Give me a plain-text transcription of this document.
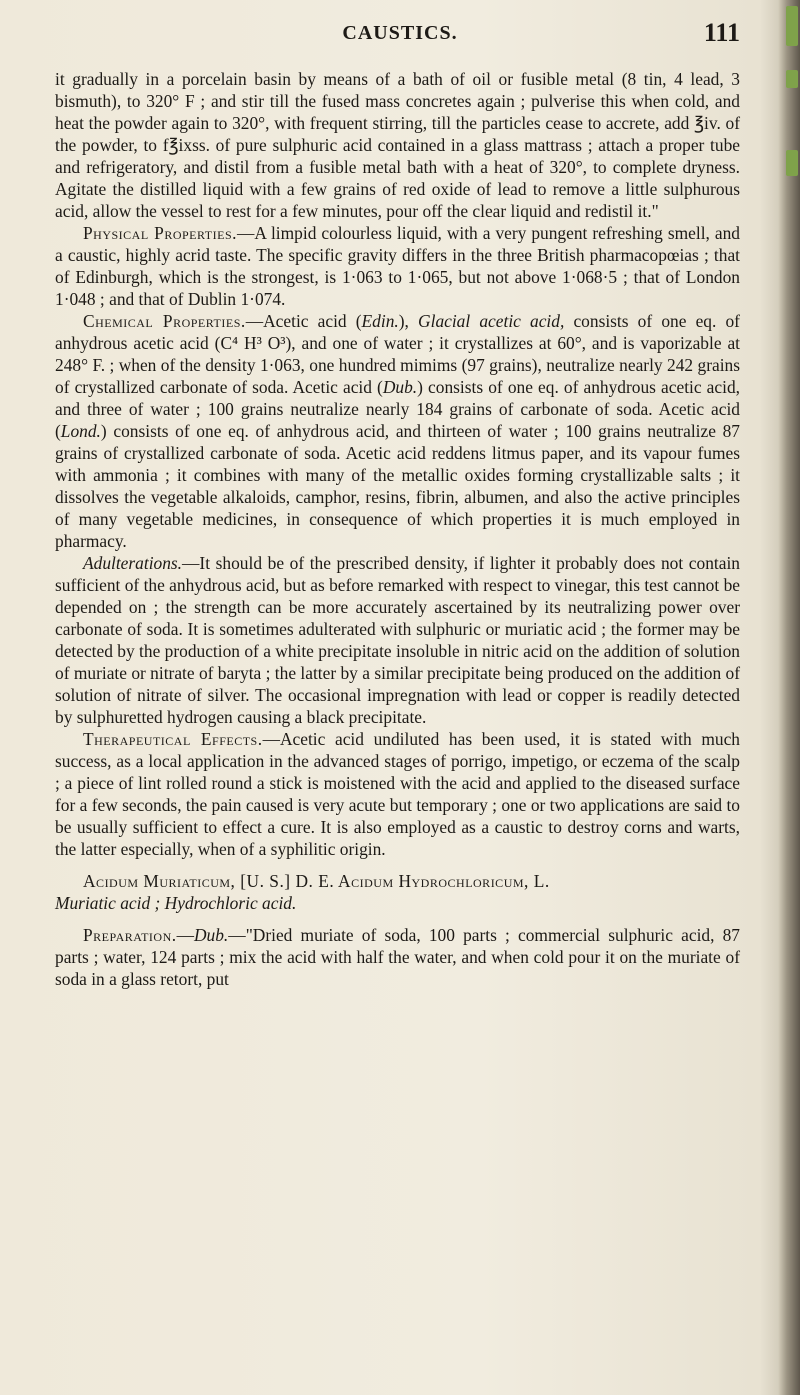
CAUSTICS.	111

it gradually in a porcelain basin by means of a bath of oil or fusible metal (8 tin, 4 lead, 3 bismuth), to 320° F ; and stir till the fused mass concretes again ; pulverise this when cold, and heat the powder again to 320°, with frequent stirring, till the particles cease to accrete, add ℥iv. of the powder, to f℥ixss. of pure sulphuric acid contained in a glass mattrass ; attach a proper tube and refrigeratory, and distil from a fusible metal bath with a heat of 320°, to complete dryness. Agitate the distilled liquid with a few grains of red oxide of lead to remove a little sulphurous acid, allow the vessel to rest for a few minutes, pour off the clear liquid and redistil it."

Physical Properties.—A limpid colourless liquid, with a very pungent refreshing smell, and a caustic, highly acrid taste. The specific gravity differs in the three British pharmacopœias ; that of Edinburgh, which is the strongest, is 1·063 to 1·065, but not above 1·068·5 ; that of London 1·048 ; and that of Dublin 1·074.

Chemical Properties.—Acetic acid (Edin.), Glacial acetic acid, consists of one eq. of anhydrous acetic acid (C⁴ H³ O³), and one of water ; it crystallizes at 60°, and is vaporizable at 248° F. ; when of the density 1·063, one hundred mimims (97 grains), neutralize nearly 242 grains of crystallized carbonate of soda. Acetic acid (Dub.) consists of one eq. of anhydrous acetic acid, and three of water ; 100 grains neutralize nearly 184 grains of carbonate of soda. Acetic acid (Lond.) consists of one eq. of anhydrous acid, and thirteen of water ; 100 grains neutralize 87 grains of crystallized carbonate of soda. Acetic acid reddens litmus paper, and its vapour fumes with ammonia ; it combines with many of the metallic oxides forming crystallizable salts ; it dissolves the vegetable alkaloids, camphor, resins, fibrin, albumen, and also the active principles of many vegetable medicines, in consequence of which properties it is much employed in pharmacy.

Adulterations.—It should be of the prescribed density, if lighter it probably does not contain sufficient of the anhydrous acid, but as before remarked with respect to vinegar, this test cannot be depended on ; the strength can be more accurately ascertained by its neutralizing power over carbonate of soda. It is sometimes adulterated with sulphuric or muriatic acid ; the former may be detected by the production of a white precipitate insoluble in nitric acid on the addition of solution of muriate or nitrate of baryta ; the latter by a similar precipitate being produced on the addition of solution of nitrate of silver. The occasional impregnation with lead or copper is readily detected by sulphuretted hydrogen causing a black precipitate.

Therapeutical Effects.—Acetic acid undiluted has been used, it is stated with much success, as a local application in the advanced stages of porrigo, impetigo, or eczema of the scalp ; a piece of lint rolled round a stick is moistened with the acid and applied to the diseased surface for a few seconds, the pain caused is very acute but temporary ; one or two applications are said to be usually sufficient to effect a cure. It is also employed as a caustic to destroy corns and warts, the latter especially, when of a syphilitic origin.

Acidum Muriaticum, [U. S.] D. E. Acidum Hydrochloricum, L.
Muriatic acid ; Hydrochloric acid.

Preparation.—Dub.—"Dried muriate of soda, 100 parts ; commercial sulphuric acid, 87 parts ; water, 124 parts ; mix the acid with half the water, and when cold pour it on the muriate of soda in a glass retort, put
